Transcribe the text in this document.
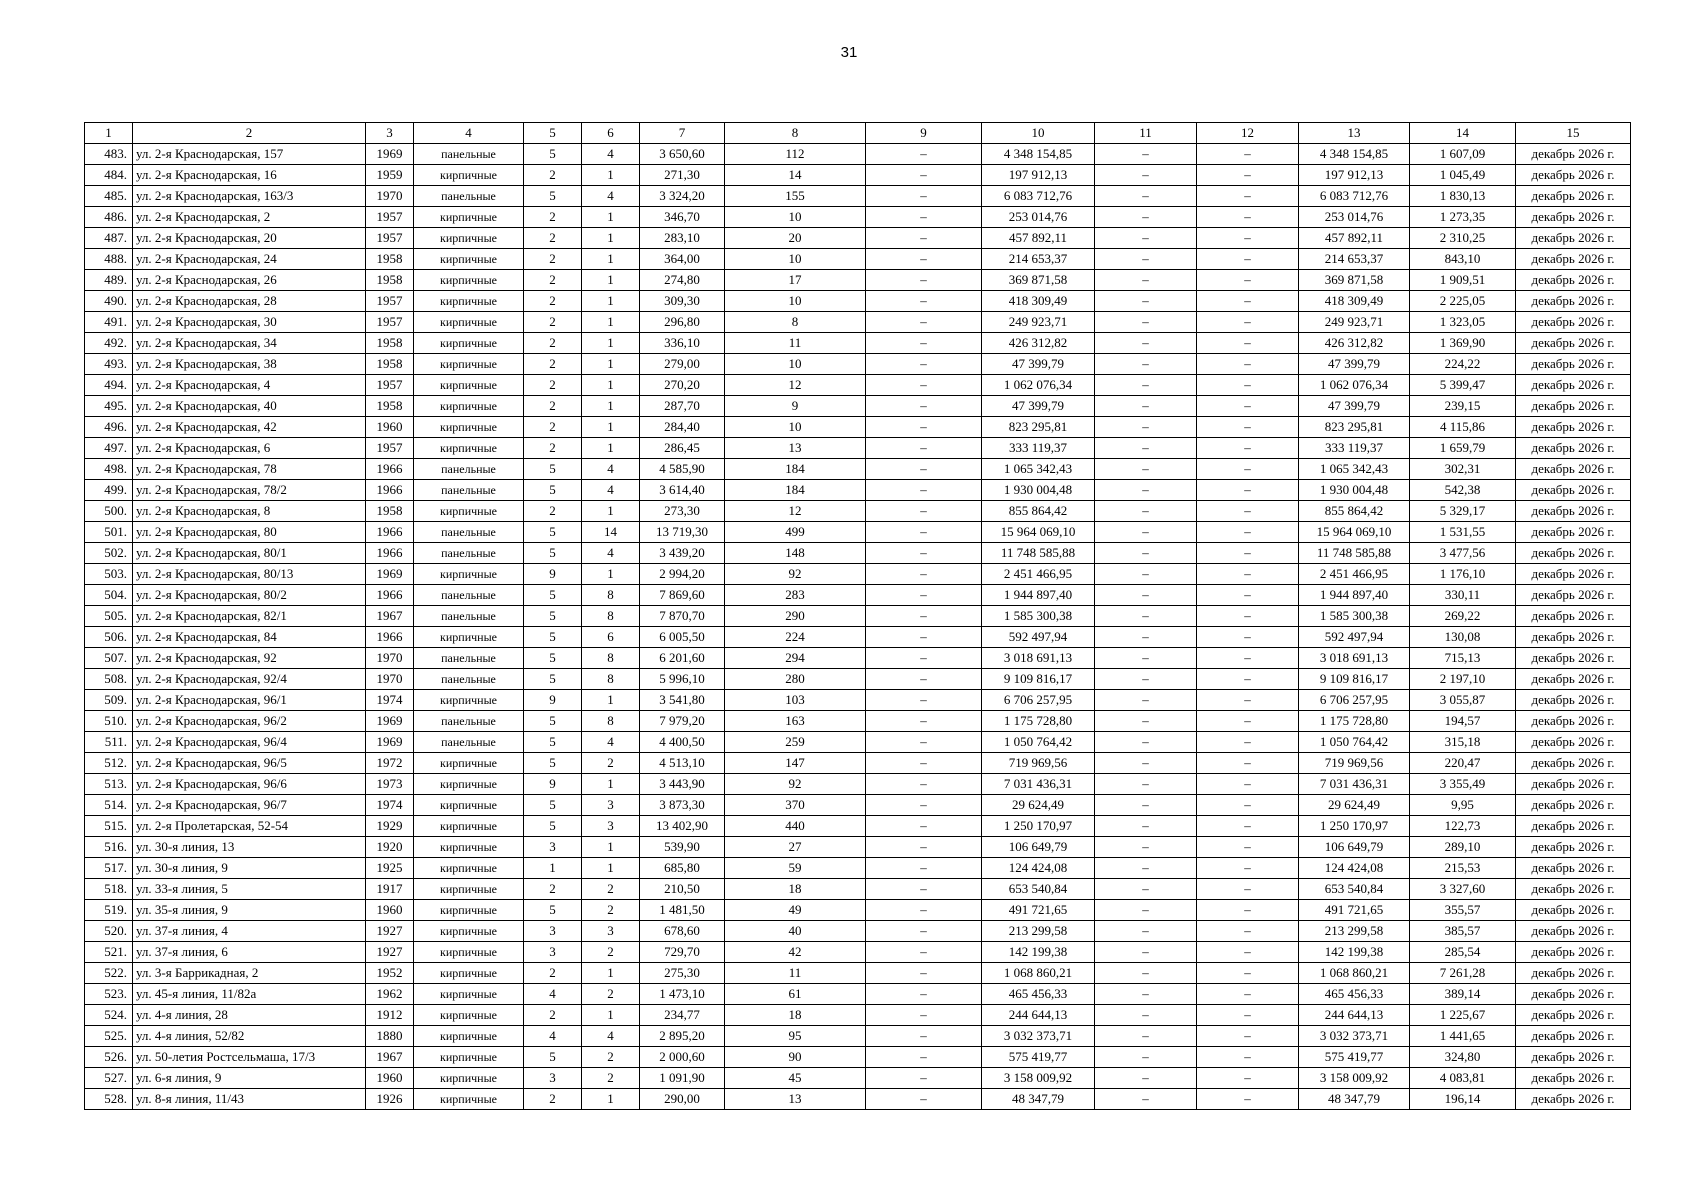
31
1	2	3	4	5	6	7	8	9	10	11	12	13	14	15
483.	ул. 2-я Краснодарская, 157	1969	панельные	5	4	3 650,60	112	–	4 348 154,85	–	–	4 348 154,85	1 607,09	декабрь 2026 г.
484.	ул. 2-я Краснодарская, 16	1959	кирпичные	2	1	271,30	14	–	197 912,13	–	–	197 912,13	1 045,49	декабрь 2026 г.
485.	ул. 2-я Краснодарская, 163/3	1970	панельные	5	4	3 324,20	155	–	6 083 712,76	–	–	6 083 712,76	1 830,13	декабрь 2026 г.
486.	ул. 2-я Краснодарская, 2	1957	кирпичные	2	1	346,70	10	–	253 014,76	–	–	253 014,76	1 273,35	декабрь 2026 г.
487.	ул. 2-я Краснодарская, 20	1957	кирпичные	2	1	283,10	20	–	457 892,11	–	–	457 892,11	2 310,25	декабрь 2026 г.
488.	ул. 2-я Краснодарская, 24	1958	кирпичные	2	1	364,00	10	–	214 653,37	–	–	214 653,37	843,10	декабрь 2026 г.
489.	ул. 2-я Краснодарская, 26	1958	кирпичные	2	1	274,80	17	–	369 871,58	–	–	369 871,58	1 909,51	декабрь 2026 г.
490.	ул. 2-я Краснодарская, 28	1957	кирпичные	2	1	309,30	10	–	418 309,49	–	–	418 309,49	2 225,05	декабрь 2026 г.
491.	ул. 2-я Краснодарская, 30	1957	кирпичные	2	1	296,80	8	–	249 923,71	–	–	249 923,71	1 323,05	декабрь 2026 г.
492.	ул. 2-я Краснодарская, 34	1958	кирпичные	2	1	336,10	11	–	426 312,82	–	–	426 312,82	1 369,90	декабрь 2026 г.
493.	ул. 2-я Краснодарская, 38	1958	кирпичные	2	1	279,00	10	–	47 399,79	–	–	47 399,79	224,22	декабрь 2026 г.
494.	ул. 2-я Краснодарская, 4	1957	кирпичные	2	1	270,20	12	–	1 062 076,34	–	–	1 062 076,34	5 399,47	декабрь 2026 г.
495.	ул. 2-я Краснодарская, 40	1958	кирпичные	2	1	287,70	9	–	47 399,79	–	–	47 399,79	239,15	декабрь 2026 г.
496.	ул. 2-я Краснодарская, 42	1960	кирпичные	2	1	284,40	10	–	823 295,81	–	–	823 295,81	4 115,86	декабрь 2026 г.
497.	ул. 2-я Краснодарская, 6	1957	кирпичные	2	1	286,45	13	–	333 119,37	–	–	333 119,37	1 659,79	декабрь 2026 г.
498.	ул. 2-я Краснодарская, 78	1966	панельные	5	4	4 585,90	184	–	1 065 342,43	–	–	1 065 342,43	302,31	декабрь 2026 г.
499.	ул. 2-я Краснодарская, 78/2	1966	панельные	5	4	3 614,40	184	–	1 930 004,48	–	–	1 930 004,48	542,38	декабрь 2026 г.
500.	ул. 2-я Краснодарская, 8	1958	кирпичные	2	1	273,30	12	–	855 864,42	–	–	855 864,42	5 329,17	декабрь 2026 г.
501.	ул. 2-я Краснодарская, 80	1966	панельные	5	14	13 719,30	499	–	15 964 069,10	–	–	15 964 069,10	1 531,55	декабрь 2026 г.
502.	ул. 2-я Краснодарская, 80/1	1966	панельные	5	4	3 439,20	148	–	11 748 585,88	–	–	11 748 585,88	3 477,56	декабрь 2026 г.
503.	ул. 2-я Краснодарская, 80/13	1969	кирпичные	9	1	2 994,20	92	–	2 451 466,95	–	–	2 451 466,95	1 176,10	декабрь 2026 г.
504.	ул. 2-я Краснодарская, 80/2	1966	панельные	5	8	7 869,60	283	–	1 944 897,40	–	–	1 944 897,40	330,11	декабрь 2026 г.
505.	ул. 2-я Краснодарская, 82/1	1967	панельные	5	8	7 870,70	290	–	1 585 300,38	–	–	1 585 300,38	269,22	декабрь 2026 г.
506.	ул. 2-я Краснодарская, 84	1966	кирпичные	5	6	6 005,50	224	–	592 497,94	–	–	592 497,94	130,08	декабрь 2026 г.
507.	ул. 2-я Краснодарская, 92	1970	панельные	5	8	6 201,60	294	–	3 018 691,13	–	–	3 018 691,13	715,13	декабрь 2026 г.
508.	ул. 2-я Краснодарская, 92/4	1970	панельные	5	8	5 996,10	280	–	9 109 816,17	–	–	9 109 816,17	2 197,10	декабрь 2026 г.
509.	ул. 2-я Краснодарская, 96/1	1974	кирпичные	9	1	3 541,80	103	–	6 706 257,95	–	–	6 706 257,95	3 055,87	декабрь 2026 г.
510.	ул. 2-я Краснодарская, 96/2	1969	панельные	5	8	7 979,20	163	–	1 175 728,80	–	–	1 175 728,80	194,57	декабрь 2026 г.
511.	ул. 2-я Краснодарская, 96/4	1969	панельные	5	4	4 400,50	259	–	1 050 764,42	–	–	1 050 764,42	315,18	декабрь 2026 г.
512.	ул. 2-я Краснодарская, 96/5	1972	кирпичные	5	2	4 513,10	147	–	719 969,56	–	–	719 969,56	220,47	декабрь 2026 г.
513.	ул. 2-я Краснодарская, 96/6	1973	кирпичные	9	1	3 443,90	92	–	7 031 436,31	–	–	7 031 436,31	3 355,49	декабрь 2026 г.
514.	ул. 2-я Краснодарская, 96/7	1974	кирпичные	5	3	3 873,30	370	–	29 624,49	–	–	29 624,49	9,95	декабрь 2026 г.
515.	ул. 2-я Пролетарская, 52-54	1929	кирпичные	5	3	13 402,90	440	–	1 250 170,97	–	–	1 250 170,97	122,73	декабрь 2026 г.
516.	ул. 30-я линия, 13	1920	кирпичные	3	1	539,90	27	–	106 649,79	–	–	106 649,79	289,10	декабрь 2026 г.
517.	ул. 30-я линия, 9	1925	кирпичные	1	1	685,80	59	–	124 424,08	–	–	124 424,08	215,53	декабрь 2026 г.
518.	ул. 33-я линия, 5	1917	кирпичные	2	2	210,50	18	–	653 540,84	–	–	653 540,84	3 327,60	декабрь 2026 г.
519.	ул. 35-я линия, 9	1960	кирпичные	5	2	1 481,50	49	–	491 721,65	–	–	491 721,65	355,57	декабрь 2026 г.
520.	ул. 37-я линия, 4	1927	кирпичные	3	3	678,60	40	–	213 299,58	–	–	213 299,58	385,57	декабрь 2026 г.
521.	ул. 37-я линия, 6	1927	кирпичные	3	2	729,70	42	–	142 199,38	–	–	142 199,38	285,54	декабрь 2026 г.
522.	ул. 3-я Баррикадная, 2	1952	кирпичные	2	1	275,30	11	–	1 068 860,21	–	–	1 068 860,21	7 261,28	декабрь 2026 г.
523.	ул. 45-я линия, 11/82а	1962	кирпичные	4	2	1 473,10	61	–	465 456,33	–	–	465 456,33	389,14	декабрь 2026 г.
524.	ул. 4-я линия, 28	1912	кирпичные	2	1	234,77	18	–	244 644,13	–	–	244 644,13	1 225,67	декабрь 2026 г.
525.	ул. 4-я линия, 52/82	1880	кирпичные	4	4	2 895,20	95	–	3 032 373,71	–	–	3 032 373,71	1 441,65	декабрь 2026 г.
526.	ул. 50-летия Ростсельмаша, 17/3	1967	кирпичные	5	2	2 000,60	90	–	575 419,77	–	–	575 419,77	324,80	декабрь 2026 г.
527.	ул. 6-я линия, 9	1960	кирпичные	3	2	1 091,90	45	–	3 158 009,92	–	–	3 158 009,92	4 083,81	декабрь 2026 г.
528.	ул. 8-я линия, 11/43	1926	кирпичные	2	1	290,00	13	–	48 347,79	–	–	48 347,79	196,14	декабрь 2026 г.
